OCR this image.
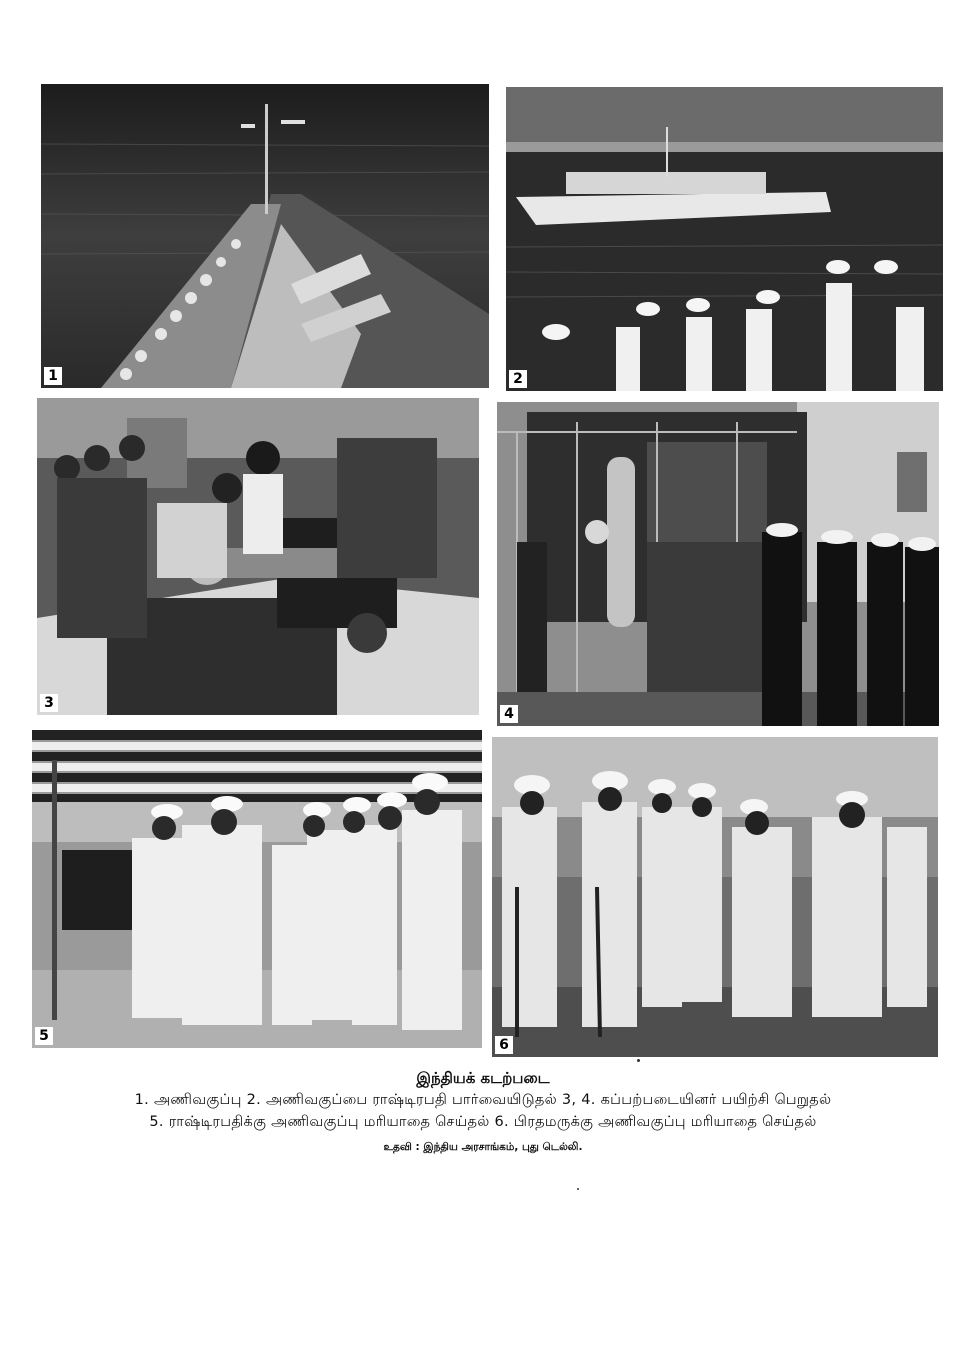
1	2
3
4
5
6
இந்தியக் கடற்படை
1. அணிவகுப்பு 2. அணிவகுப்பை ராஷ்டிரபதி பார்வையிடுதல் 3, 4. கப்பற்படையினர் பயிற்சி பெறுதல்
5. ராஷ்டிரபதிக்கு அணிவகுப்பு மரியாதை செய்தல் 6. பிரதமருக்கு அணிவகுப்பு மரியாதை செய்தல்
உதவி : இந்திய அரசாங்கம், புது டெல்லி.
